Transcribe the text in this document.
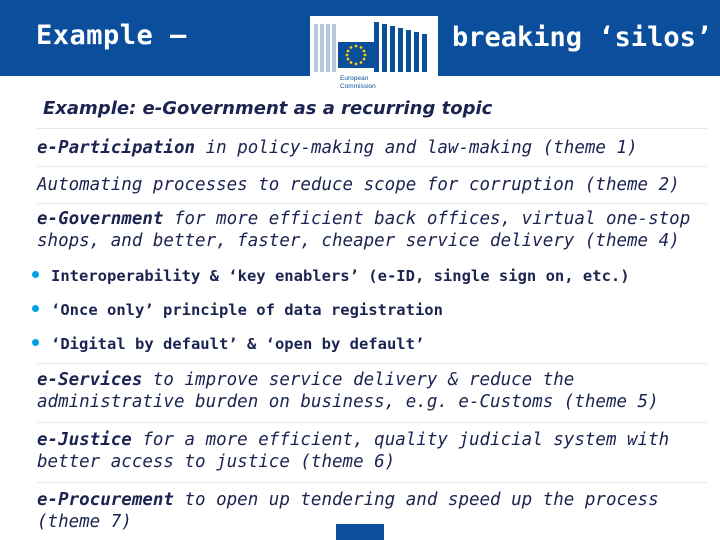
Example –	breaking ‘silos’
European
Commission
Example: e-Government as a recurring topic
e-Participation in policy-making and law-making (theme 1)
Automating processes to reduce scope for corruption (theme 2)
e-Government for more efficient back offices, virtual one-stop shops, and better, faster, cheaper service delivery (theme 4)
Interoperability & ‘key enablers’ (e-ID, single sign on, etc.)
‘Once only’ principle of data registration
‘Digital by default’ & ‘open by default’
e-Services to improve service delivery & reduce the administrative burden on business, e.g. e-Customs (theme 5)
e-Justice for a more efficient, quality judicial system with better access to justice (theme 6)
e-Procurement to open up tendering and speed up the process (theme 7)
